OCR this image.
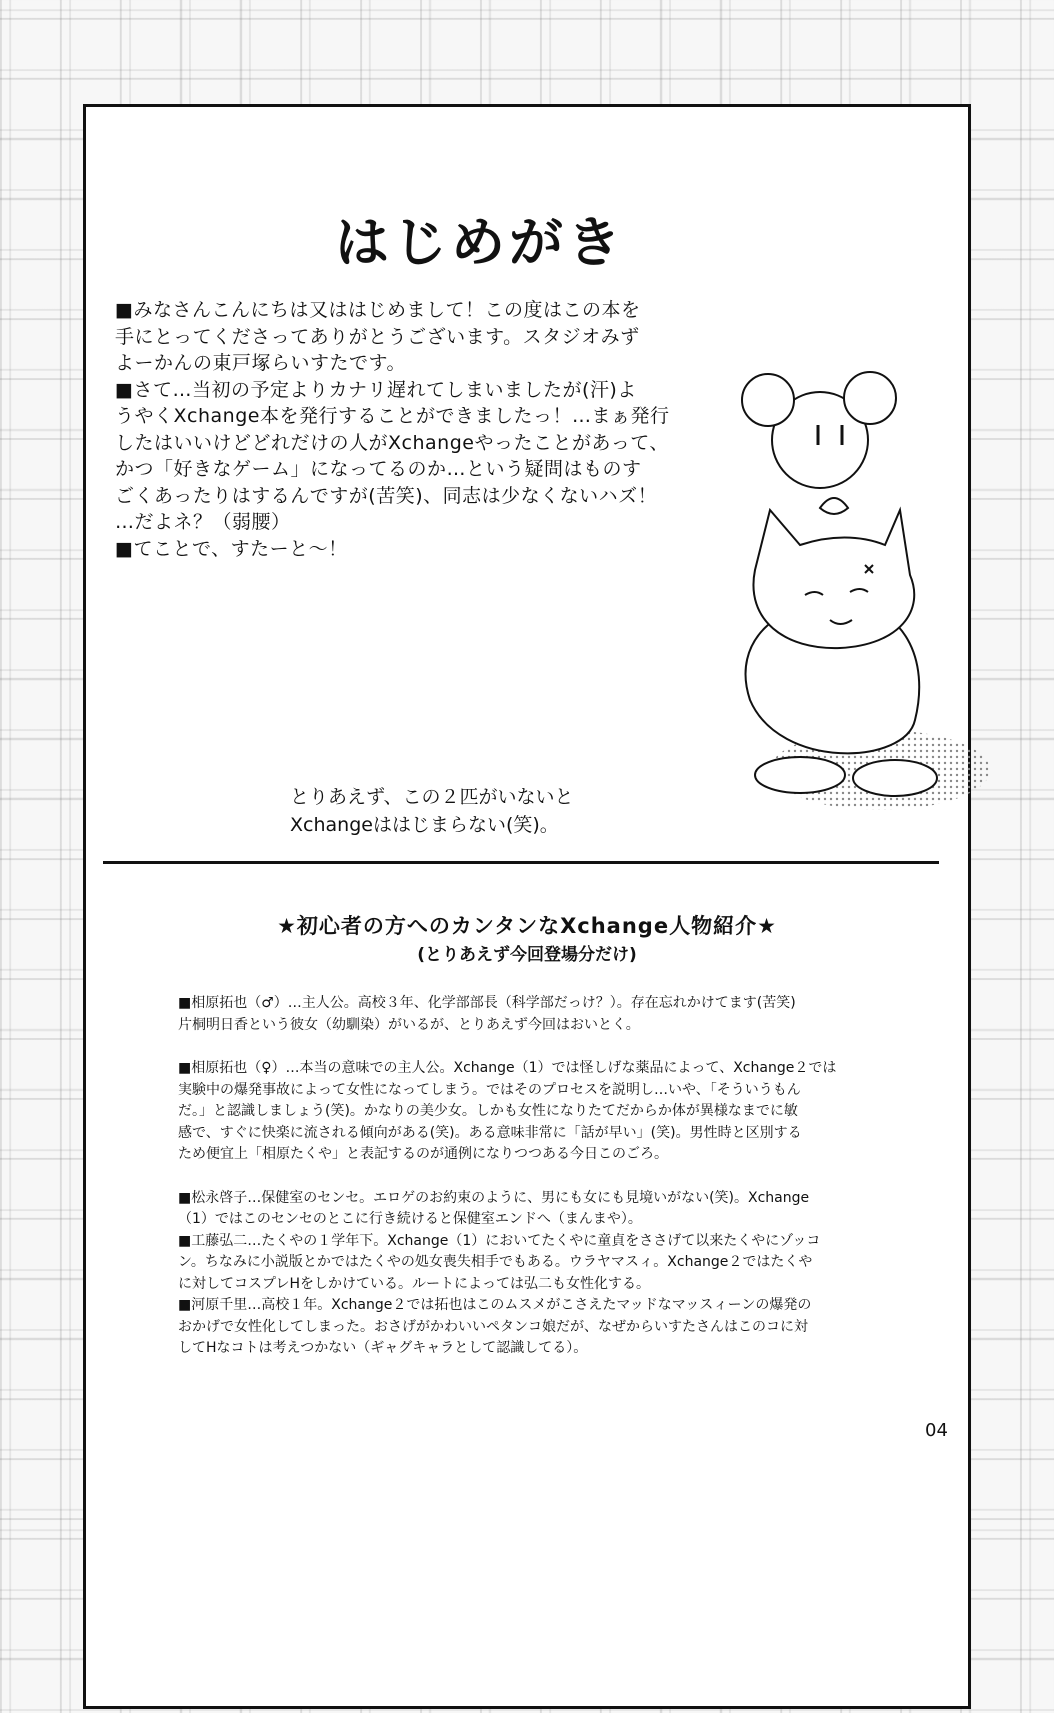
はじめがき

■みなさんこんにちは又ははじめまして！この度はこの本を

手にとってくださってありがとうございます。スタジオみず

よーかんの東戸塚らいすたです。

■さて…当初の予定よりカナリ遅れてしまいましたが(汗)よ

うやくXchange本を発行することができましたっ！…まぁ発行

したはいいけどどれだけの人がXchangeやったことがあって、

かつ「好きなゲーム」になってるのか…という疑問はものす

ごくあったりはするんですが(苦笑)、同志は少なくないハズ！

…だよネ？（弱腰）

■てことで、すたーと～！

とりあえず、この２匹がいないと

Xchangeははじまらない(笑)。

★初心者の方へのカンタンなXchange人物紹介★
(とりあえず今回登場分だけ)

■相原拓也（♂）…主人公。高校３年、化学部部長（科学部だっけ？）。存在忘れかけてます(苦笑)

片桐明日香という彼女（幼馴染）がいるが、とりあえず今回はおいとく。

■相原拓也（♀）…本当の意味での主人公。Xchange（1）では怪しげな薬品によって、Xchange２では

実験中の爆発事故によって女性になってしまう。ではそのプロセスを説明し…いや、「そういうもん

だ。」と認識しましょう(笑)。かなりの美少女。しかも女性になりたてだからか体が異様なまでに敏

感で、すぐに快楽に流される傾向がある(笑)。ある意味非常に「話が早い」(笑)。男性時と区別する

ため便宜上「相原たくや」と表記するのが通例になりつつある今日このごろ。

■松永啓子…保健室のセンセ。エロゲのお約束のように、男にも女にも見境いがない(笑)。Xchange

（1）ではこのセンセのとこに行き続けると保健室エンドへ（まんまや）。

■工藤弘二…たくやの１学年下。Xchange（1）においてたくやに童貞をささげて以来たくやにゾッコ

ン。ちなみに小説版とかではたくやの処女喪失相手でもある。ウラヤマスィ。Xchange２ではたくや

に対してコスプレHをしかけている。ルートによっては弘二も女性化する。

■河原千里…高校１年。Xchange２では拓也はこのムスメがこさえたマッドなマッスィーンの爆発の

おかげで女性化してしまった。おさげがかわいいペタンコ娘だが、なぜからいすたさんはこのコに対

してHなコトは考えつかない（ギャグキャラとして認識してる）。

04
